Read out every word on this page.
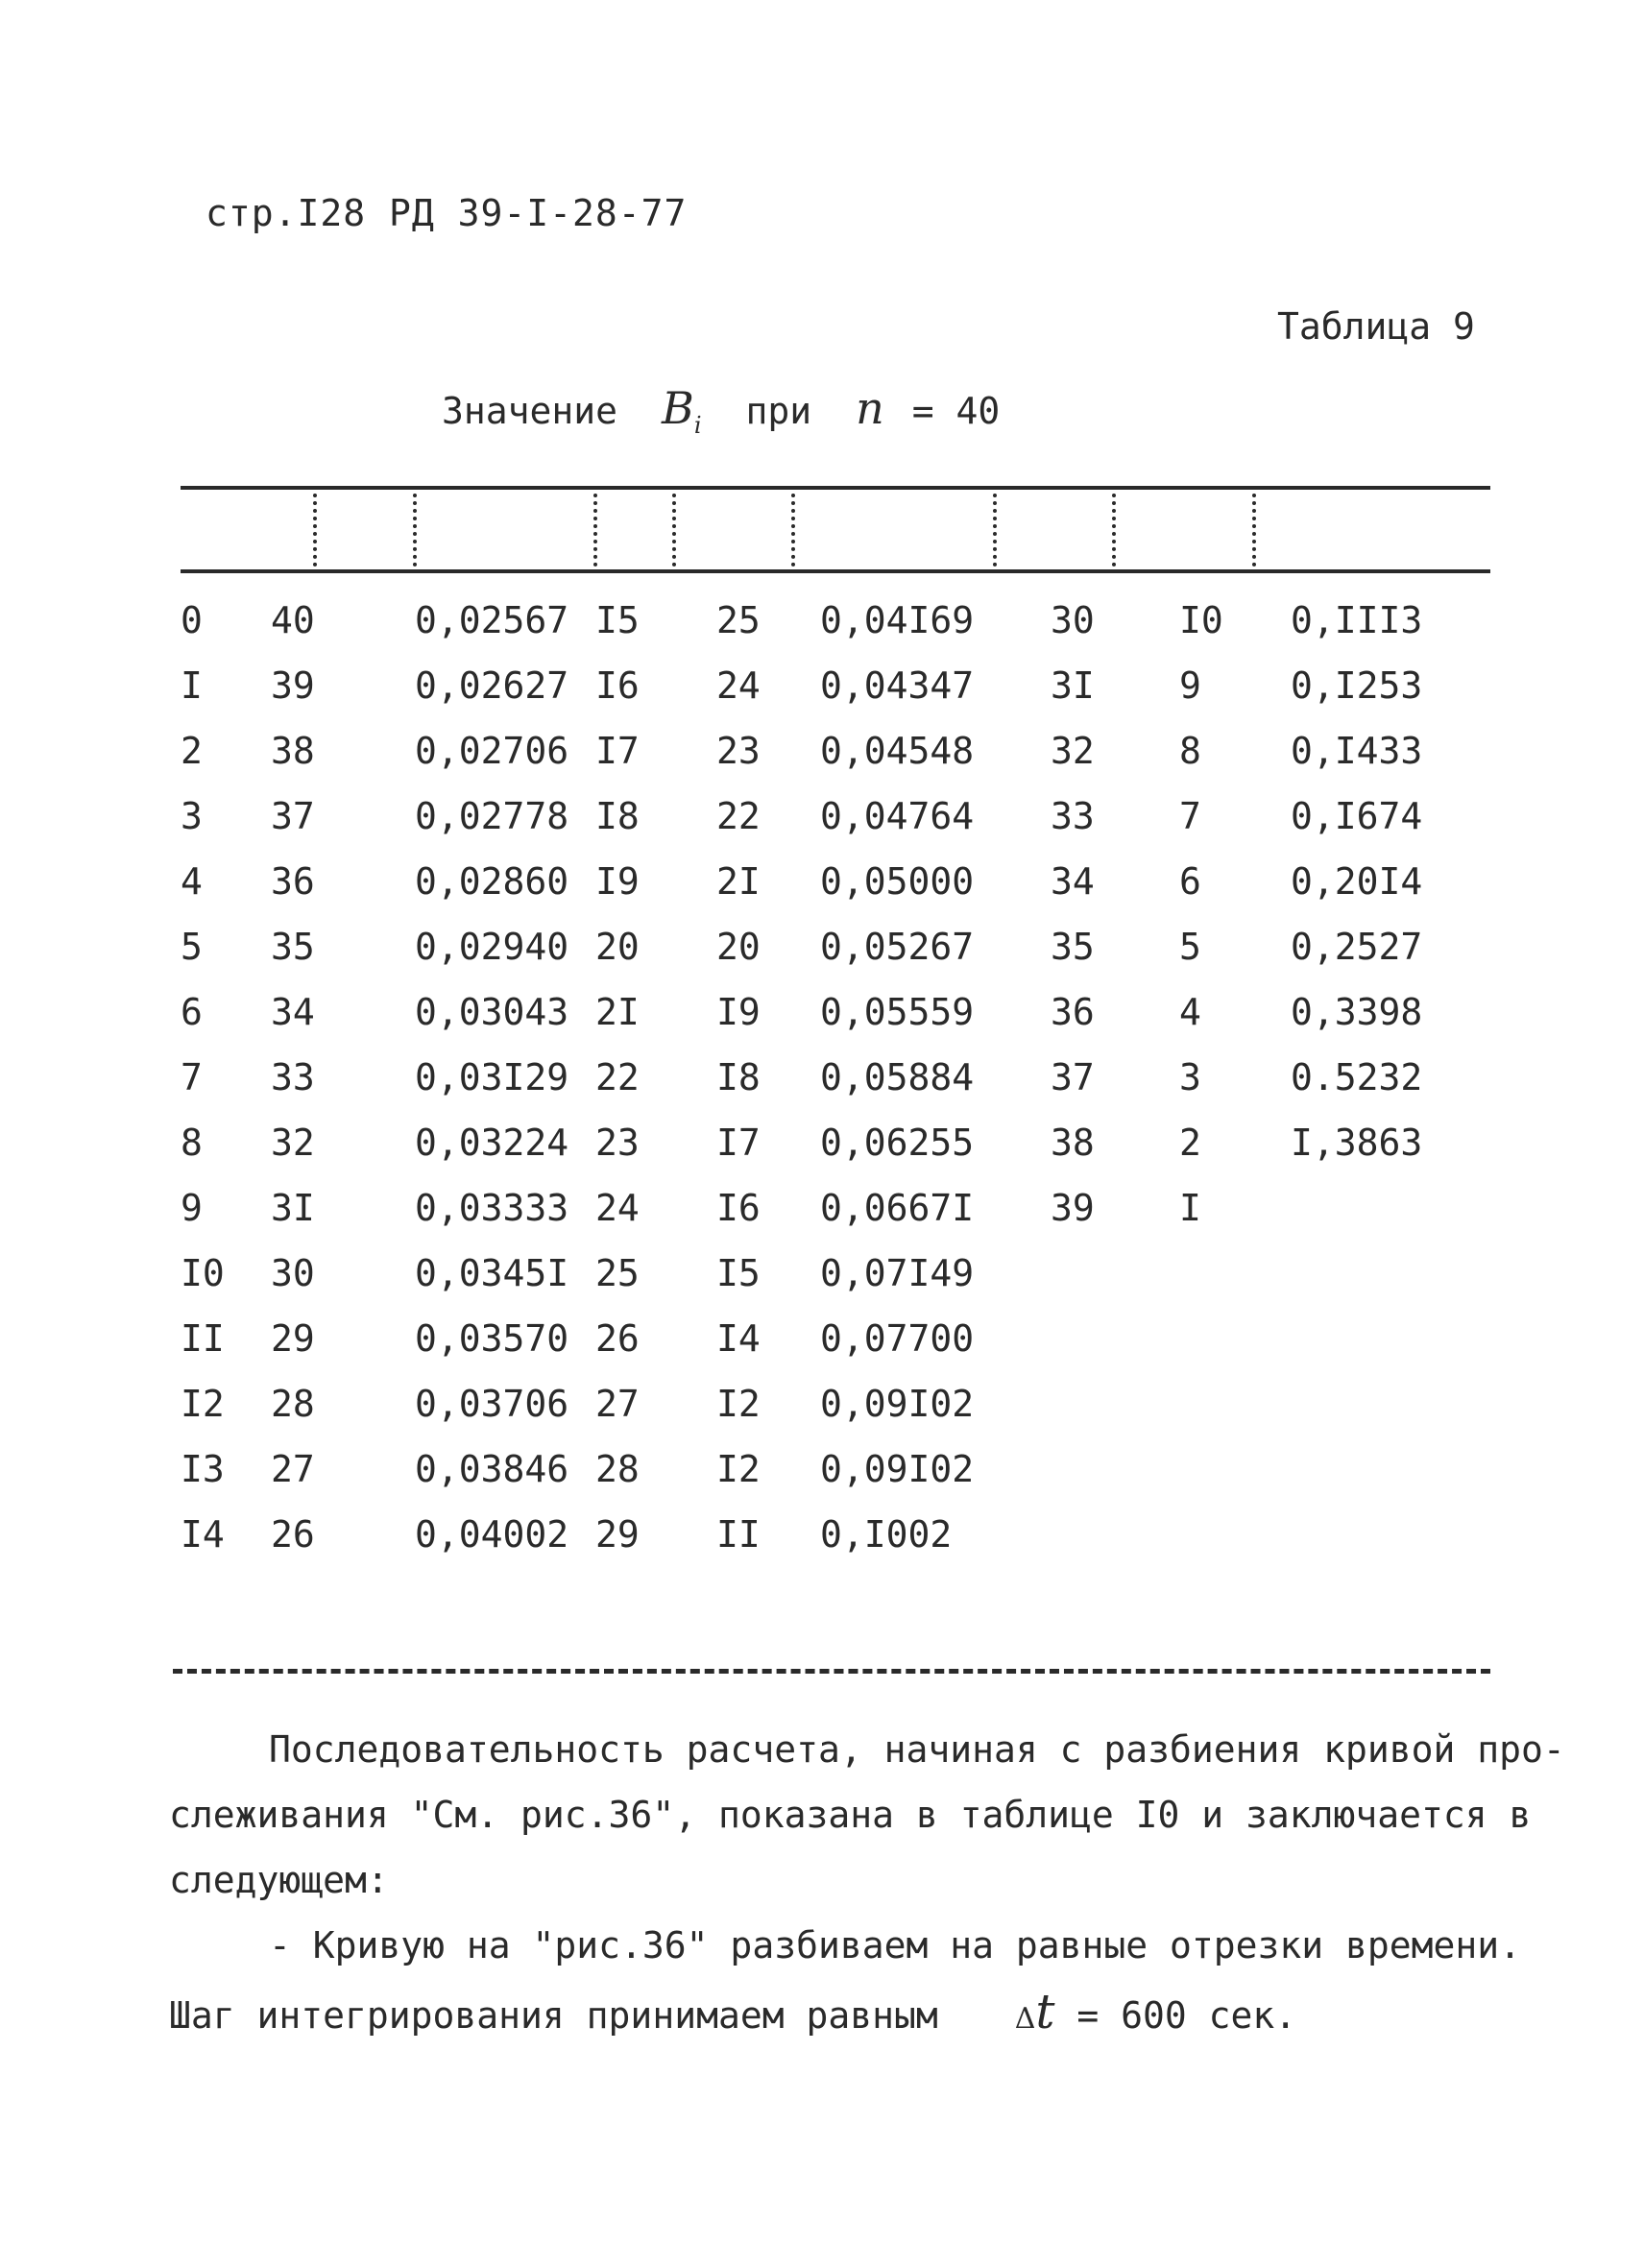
стр.I28 РД 39-I-28-77
Таблица 9
Значение $B_i$ при n = 40
0	40	0,02567	I5	25	0,04I69	30	I0	0,III3
I	39	0,02627	I6	24	0,04347	3I	9	0,I253
2	38	0,02706	I7	23	0,04548	32	8	0,I433
3	37	0,02778	I8	22	0,04764	33	7	0,I674
4	36	0,02860	I9	2I	0,05000	34	6	0,20I4
5	35	0,02940	20	20	0,05267	35	5	0,2527
6	34	0,03043	2I	I9	0,05559	36	4	0,3398
7	33	0,03I29	22	I8	0,05884	37	3	0.5232
8	32	0,03224	23	I7	0,06255	38	2	I,3863
9	3I	0,03333	24	I6	0,0667I	39	I	
I0	30	0,0345I	25	I5	0,07I49			
II	29	0,03570	26	I4	0,07700			
I2	28	0,03706	27	I2	0,09I02			
I3	27	0,03846	28	I2	0,09I02			
I4	26	0,04002	29	II	0,I002			
Последовательность расчета, начиная с разбиения кривой про-
слеживания "См. рис.36", показана в таблице I0 и заключается в
следующем:
- Кривую на "рис.36" разбиваем на равные отрезки времени.
Шаг интегрирования принимаем равным	Δt = 600 сек.
